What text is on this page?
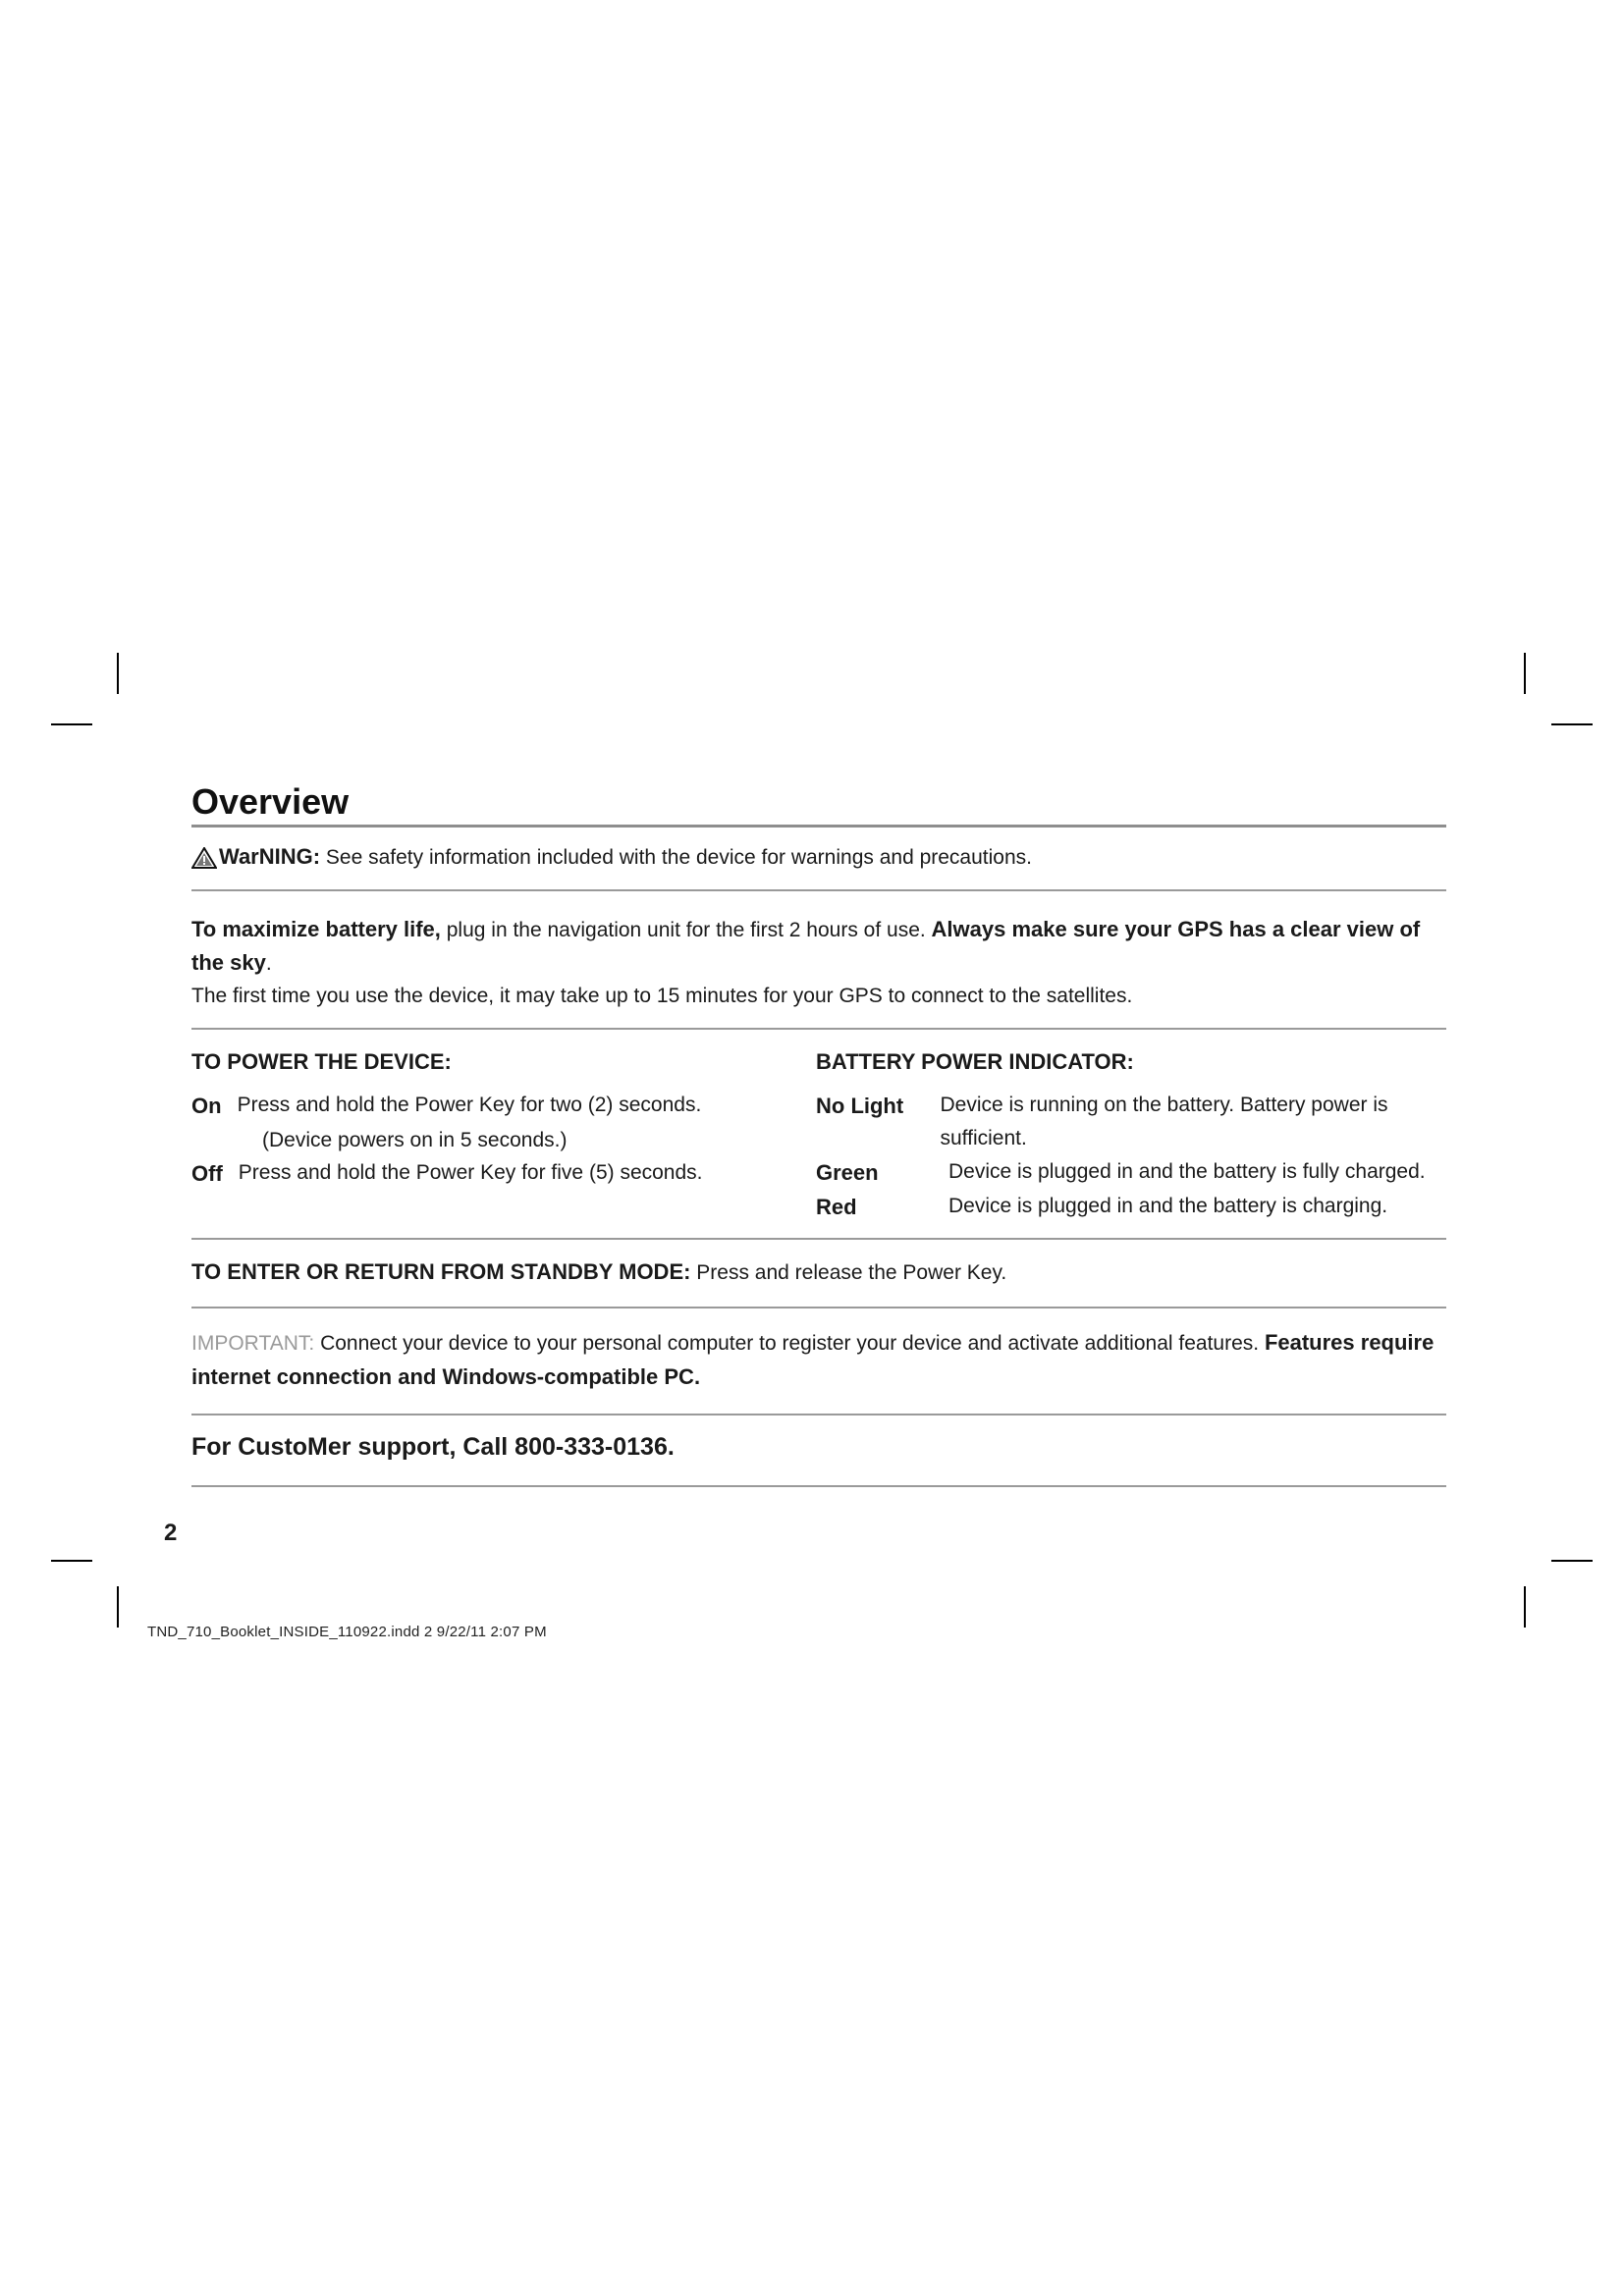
Overview
WarNING: See safety information included with the device for warnings and precautions.
To maximize battery life, plug in the navigation unit for the first 2 hours of use. Always make sure your GPS has a clear view of the sky.
The first time you use the device, it may take up to 15 minutes for your GPS to connect to the satellites.
TO POWER THE DEVICE:
On Press and hold the Power Key for two (2) seconds.
(Device powers on in 5 seconds.)
Off Press and hold the Power Key for five (5) seconds.
BATTERY POWER INDICATOR:
No Light	Device is running on the battery. Battery power is sufficient.
Green	Device is plugged in and the battery is fully charged.
Red	Device is plugged in and the battery is charging.
TO ENTER OR RETURN FROM STANDBY MODE: Press and release the Power Key.
IMPORTANT: Connect your device to your personal computer to register your device and activate additional features. Features require internet connection and Windows-compatible PC.
For CustoMer support, Call 800-333-0136.
2
TND_710_Booklet_INSIDE_110922.indd 2 9/22/11 2:07 PM
